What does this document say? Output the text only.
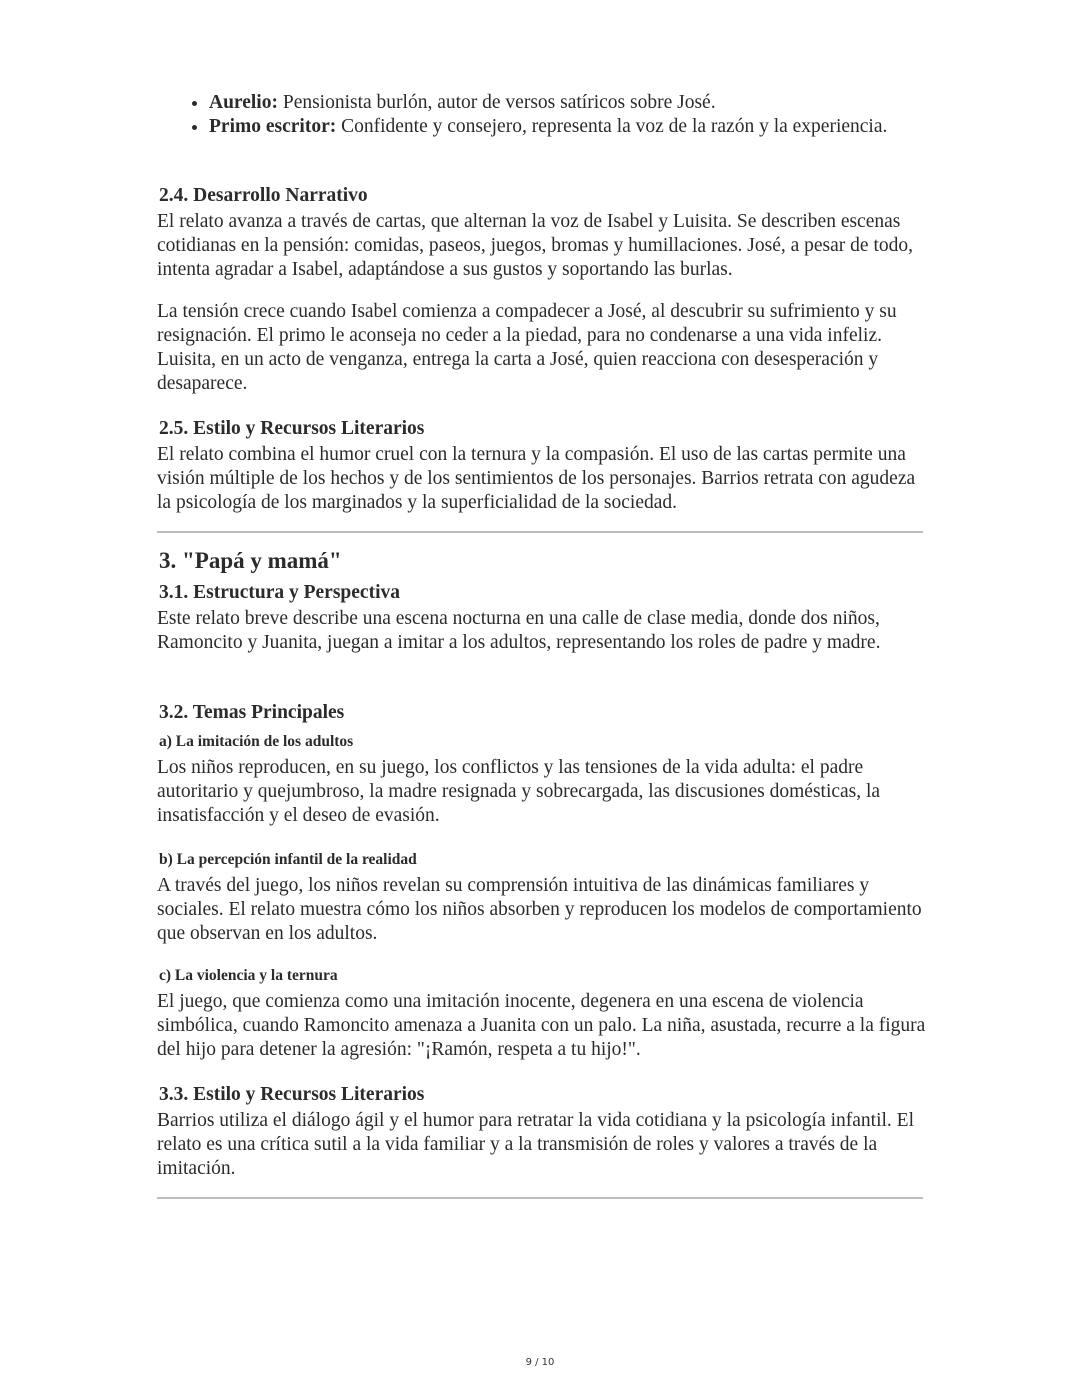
• Aurelio: Pensionista burlón, autor de versos satíricos sobre José.
• Primo escritor: Confidente y consejero, representa la voz de la razón y la experiencia.
2.4. Desarrollo Narrativo

El relato avanza a través de cartas, que alternan la voz de Isabel y Luisita. Se describen escenas cotidianas en la pensión: comidas, paseos, juegos, bromas y humillaciones. José, a pesar de todo, intenta agradar a Isabel, adaptándose a sus gustos y soportando las burlas.

La tensión crece cuando Isabel comienza a compadecer a José, al descubrir su sufrimiento y su resignación. El primo le aconseja no ceder a la piedad, para no condenarse a una vida infeliz. Luisita, en un acto de venganza, entrega la carta a José, quien reacciona con desesperación y desaparece.

2.5. Estilo y Recursos Literarios

El relato combina el humor cruel con la ternura y la compasión. El uso de las cartas permite una visión múltiple de los hechos y de los sentimientos de los personajes. Barrios retrata con agudeza la psicología de los marginados y la superficialidad de la sociedad.

3. "Papá y mamá"
3.1. Estructura y Perspectiva

Este relato breve describe una escena nocturna en una calle de clase media, donde dos niños, Ramoncito y Juanita, juegan a imitar a los adultos, representando los roles de padre y madre.

3.2. Temas Principales
a) La imitación de los adultos

Los niños reproducen, en su juego, los conflictos y las tensiones de la vida adulta: el padre autoritario y quejumbroso, la madre resignada y sobrecargada, las discusiones domésticas, la insatisfacción y el deseo de evasión.

b) La percepción infantil de la realidad

A través del juego, los niños revelan su comprensión intuitiva de las dinámicas familiares y sociales. El relato muestra cómo los niños absorben y reproducen los modelos de comportamiento que observan en los adultos.

c) La violencia y la ternura

El juego, que comienza como una imitación inocente, degenera en una escena de violencia simbólica, cuando Ramoncito amenaza a Juanita con un palo. La niña, asustada, recurre a la figura del hijo para detener la agresión: "¡Ramón, respeta a tu hijo!".

3.3. Estilo y Recursos Literarios

Barrios utiliza el diálogo ágil y el humor para retratar la vida cotidiana y la psicología infantil. El relato es una crítica sutil a la vida familiar y a la transmisión de roles y valores a través de la imitación.

9 / 10
